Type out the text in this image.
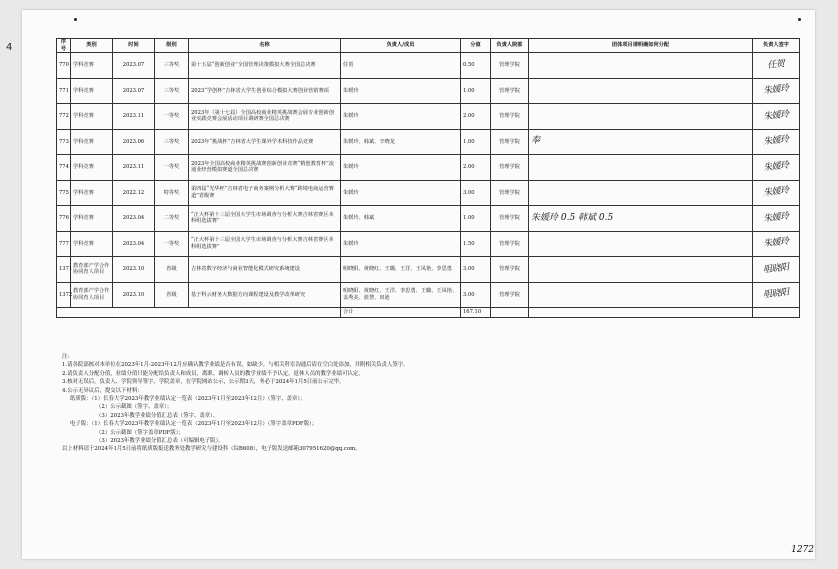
序号	类别	时间	级别	名称	负责人/成员	分值	负责人院部	团体项目请明确如何分配	负责人签字
770	学科竞赛	2023.07	三等奖	第十五届“创新创业”全国管理决策模拟大赛全国总决赛	任贺	0.50	管理学院		任贺

771	学科竞赛	2023.07	三等奖	2023“学创杯”吉林省大学生创业综合模拟大赛创业营销赛项	朱媛玲	1.00	管理学院		朱媛玲

772	学科竞赛	2023.11	一等奖	2023年（第十七届）全国高校商业精英挑战赛会展专业创新创业实践竞赛会展活动项目调研赛全国总决赛	朱媛玲	2.00	管理学院		朱媛玲

773	学科竞赛	2023.06	三等奖	2023年“挑战杯”吉林省大学生课外学术科技作品竞赛	朱媛玲、韩斌、辛晓龙	1.00	管理学院	奉	朱媛玲

774	学科竞赛	2023.11	一等奖	2023年全国高校商业精英挑战赛创新创业竞赛“精创教育杯”流通业经营模拟赛道全国总决赛	朱媛玲	2.00	管理学院		朱媛玲

775	学科竞赛	2022.12	特等奖	第四届“光华杯”吉林省电子商务案例分析大赛“跨境电商运营赛道”省级赛	朱媛玲	3.00	管理学院		朱媛玲

776	学科竞赛	2023.04	二等奖	“正大杯第十三届全国大学生市场调查与分析大赛吉林省赛区本科组选拔赛”	朱媛玲、韩斌	1.00	管理学院	朱媛玲 0.5 韩斌 0.5	朱媛玲

777	学科竞赛	2023.04	一等奖	“正大杯第十三届全国大学生市场调查与分析大赛吉林省赛区本科组选拔赛”	朱媛玲	1.50	管理学院		朱媛玲

1371	教育部产学合作协同育人项目	2023.10	省级	吉林省数字经济与商业智能化模式研究系统建设	咀晓阳、黄晓红、王璐、王洋、王凤艳、李思勇	3.00	管理学院		咀晓阳

1372	教育部产学合作协同育人项目	2023.10	省级	基于科云财务大数据方向课程建设及教学改革研究	咀晓阳、黄晓红、王洋、李思勇、王璐、王凤艳、盖秀美、蓝慧、田迪	3.00	管理学院		咀晓阳

					合计	167.10			
注:
1.请各院部核对本单位在2023年1月-2023年12月应确认教学业绩是否有误，如缺少，与相关科室沟通后请在空白处添加，并附相关负责人签字。
2.请负责人分配分值，业绩分值只能分配给负责人和成员，离职、调转人员的教学业绩不予认定，退休人员的教学业绩可认定。
3.核对无误后，负责人、学院领导签字，学院盖章，在学院网站公示，公示期3天，务必于2024年1月5日前公示完毕。
4.公示无异议后，提交以下材料：
纸质版：（1）长春大学2023年教学业绩认定一览表（2023年1月至2023年12月）（签字、盖章）；
（2）公示截图（签字、盖章）；
（3）2023年教学业绩分值汇总表（签字、盖章）。
电子版：（1）长春大学2023年教学业绩认定一览表（2023年1月至2023年12月）（签字盖章PDF版）；
（2）公示截图（签字盖章PDF版）；
（3）2023年教学业绩分值汇总表（可编辑电子版）。
以上材料请于2024年1月5日前将纸质版报送教务处教学研究与建设科（综B608），电子版发送邮箱307951620@qq.com。
4
1272
